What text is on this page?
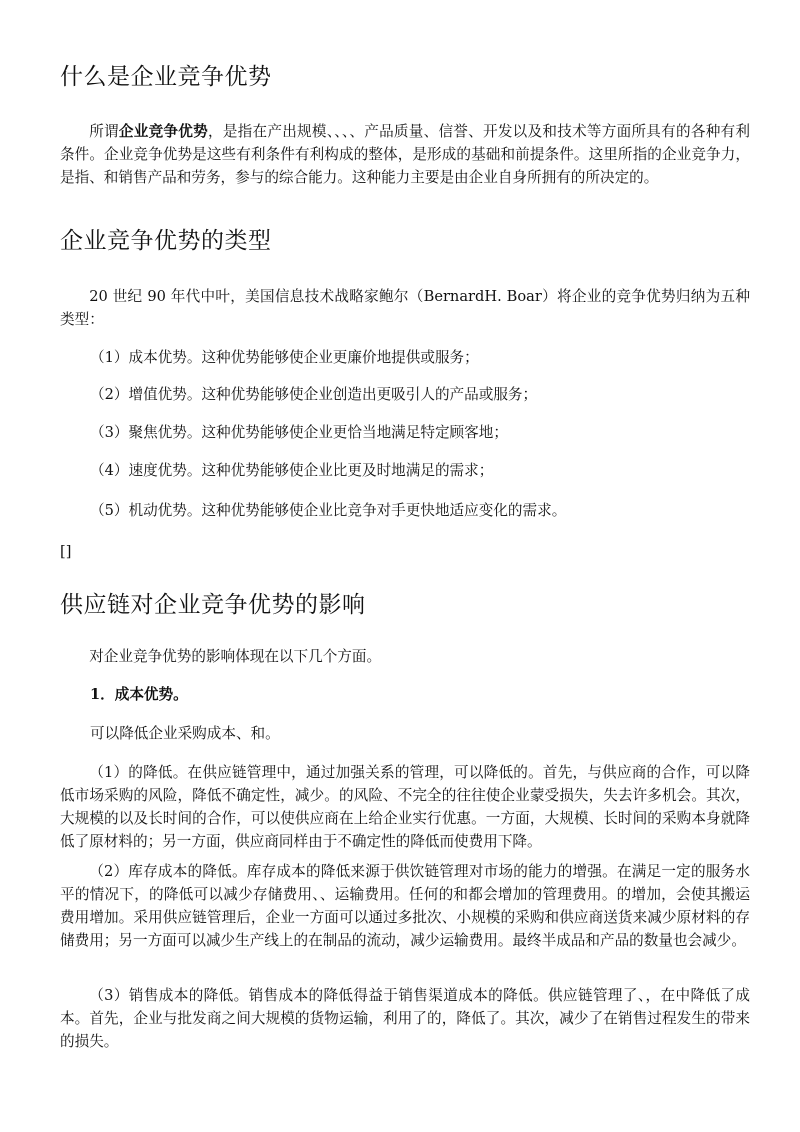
什么是企业竞争优势

所谓企业竞争优势，是指在产出规模、、、、产品质量、信誉、开发以及和技术等方面所具有的各种有利条件。企业竞争优势是这些有利条件有利构成的整体，是形成的基础和前提条件。这里所指的企业竞争力，是指、和销售产品和劳务，参与的综合能力。这种能力主要是由企业自身所拥有的所决定的。

企业竞争优势的类型

20 世纪 90 年代中叶，美国信息技术战略家鲍尔（BernardH. Boar）将企业的竞争优势归纳为五种类型：

（1）成本优势。这种优势能够使企业更廉价地提供或服务；

（2）增值优势。这种优势能够使企业创造出更吸引人的产品或服务；

（3）聚焦优势。这种优势能够使企业更恰当地满足特定顾客地；

（4）速度优势。这种优势能够使企业比更及时地满足的需求；

（5）机动优势。这种优势能够使企业比竞争对手更快地适应变化的需求。

[]

供应链对企业竞争优势的影响

对企业竞争优势的影响体现在以下几个方面。

1．成本优势。

可以降低企业采购成本、和。

（1）的降低。在供应链管理中，通过加强关系的管理，可以降低的。首先，与供应商的合作，可以降低市场采购的风险，降低不确定性，减少。的风险、不完全的往往使企业蒙受损失，失去许多机会。其次，大规模的以及长时间的合作，可以使供应商在上给企业实行优惠。一方面，大规模、长时间的采购本身就降低了原材料的；另一方面，供应商同样由于不确定性的降低而使费用下降。

（2）库存成本的降低。库存成本的降低来源于供饮链管理对市场的能力的增强。在满足一定的服务水平的情况下，的降低可以减少存储费用、、运输费用。任何的和都会增加的管理费用。的增加，会使其搬运费用增加。采用供应链管理后，企业一方面可以通过多批次、小规模的采购和供应商送货来减少原材料的存储费用；另一方面可以减少生产线上的在制品的流动，减少运输费用。最终半成品和产品的数量也会减少。

（3）销售成本的降低。销售成本的降低得益于销售渠道成本的降低。供应链管理了、，在中降低了成本。首先，企业与批发商之间大规模的货物运输，利用了的，降低了。其次，减少了在销售过程发生的带来的损失。
